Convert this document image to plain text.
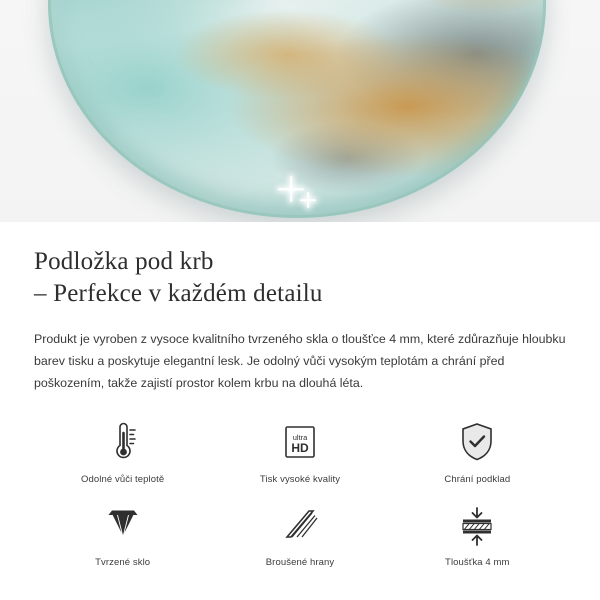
Podložka pod krb
– Perfekce v každém detailu

Produkt je vyroben z vysoce kvalitního tvrzeného skla o tloušťce 4 mm, které zdůrazňuje hloubku barev tisku a poskytuje elegantní lesk. Je odolný vůči vysokým teplotám a chrání před poškozením, takže zajistí prostor kolem krbu na dlouhá léta.

Odolné vůči teplotě
ultra
HD
Tisk vysoké kvality	Chrání podklad
Tvrzené sklo	Broušené hrany	Tloušťka 4 mm
